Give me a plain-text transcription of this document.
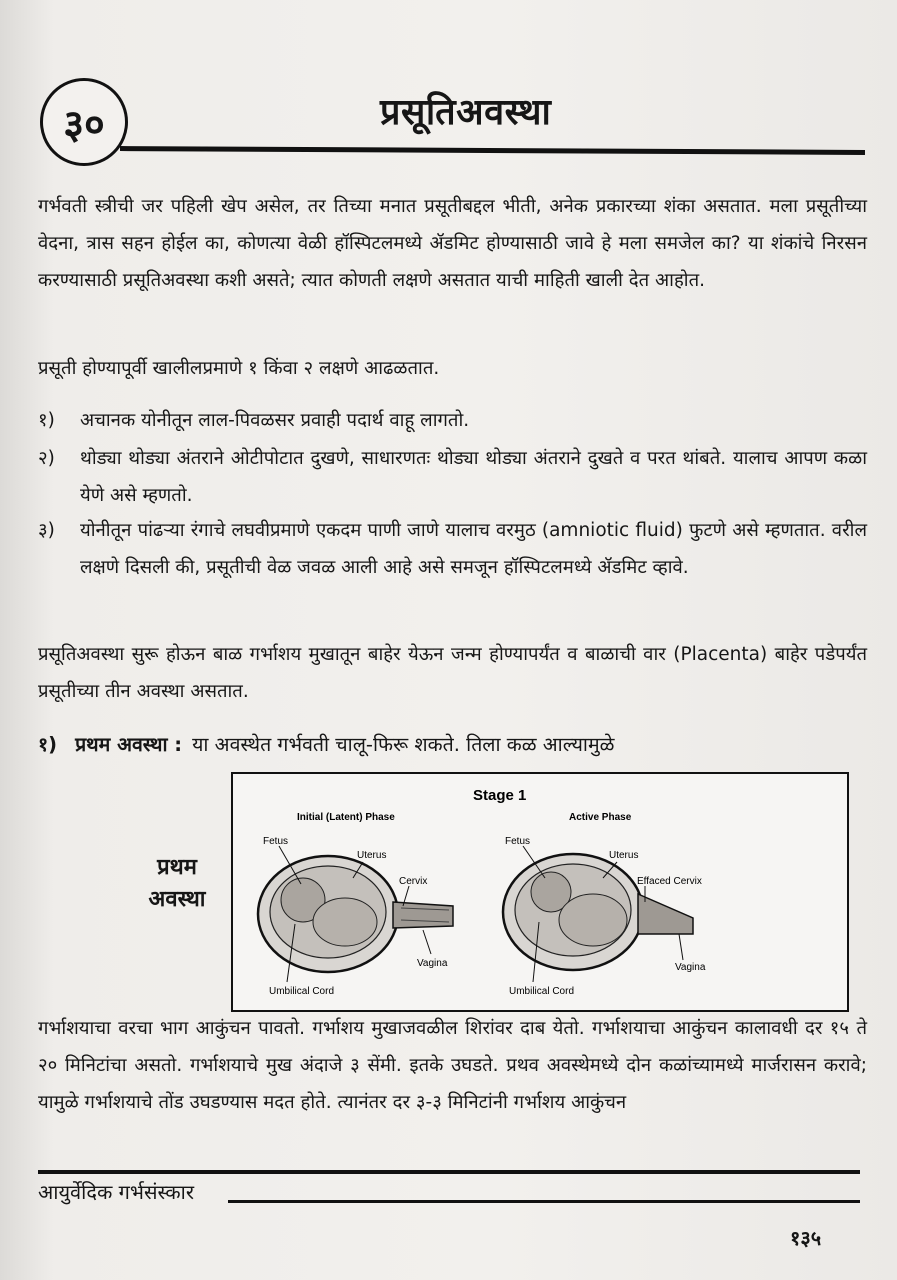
३०	प्रसूतिअवस्था
गर्भवती स्त्रीची जर पहिली खेप असेल, तर तिच्या मनात प्रसूतीबद्दल भीती, अनेक प्रकारच्या शंका असतात. मला प्रसूतीच्या वेदना, त्रास सहन होईल का, कोणत्या वेळी हॉस्पिटलमध्ये ॲडमिट होण्यासाठी जावे हे मला समजेल का? या शंकांचे निरसन करण्यासाठी प्रसूतिअवस्था कशी असते; त्यात कोणती लक्षणे असतात याची माहिती खाली देत आहोत.
प्रसूती होण्यापूर्वी खालीलप्रमाणे १ किंवा २ लक्षणे आढळतात.
१)	अचानक योनीतून लाल-पिवळसर प्रवाही पदार्थ वाहू लागतो.
२)	थोड्या थोड्या अंतराने ओटीपोटात दुखणे, साधारणतः थोड्या थोड्या अंतराने दुखते व परत थांबते. यालाच आपण कळा येणे असे म्हणतो.
३)	योनीतून पांढऱ्या रंगाचे लघवीप्रमाणे एकदम पाणी जाणे यालाच वरमुठ (amniotic fluid) फुटणे असे म्हणतात. वरील लक्षणे दिसली की, प्रसूतीची वेळ जवळ आली आहे असे समजून हॉस्पिटलमध्ये ॲडमिट व्हावे.
प्रसूतिअवस्था सुरू होऊन बाळ गर्भाशय मुखातून बाहेर येऊन जन्म होण्यापर्यंत व बाळाची वार (Placenta) बाहेर पडेपर्यंत प्रसूतीच्या तीन अवस्था असतात.
१) प्रथम अवस्था : या अवस्थेत गर्भवती चालू-फिरू शकते. तिला कळ आल्यामुळे
प्रथम अवस्था
Stage 1
Initial (Latent) Phase	Active Phase
Fetus
Uterus
Cervix
Vagina
Umbilical Cord
Fetus
Uterus
Effaced Cervix
Vagina
Umbilical Cord
गर्भाशयाचा वरचा भाग आकुंचन पावतो. गर्भाशय मुखाजवळील शिरांवर दाब येतो. गर्भाशयाचा आकुंचन कालावधी दर १५ ते २० मिनिटांचा असतो. गर्भाशयाचे मुख अंदाजे ३ सेंमी. इतके उघडते. प्रथव अवस्थेमध्ये दोन कळांच्यामध्ये मार्जरासन करावे; यामुळे गर्भाशयाचे तोंड उघडण्यास मदत होते. त्यानंतर दर ३-३ मिनिटांनी गर्भाशय आकुंचन
आयुर्वेदिक गर्भसंस्कार
१३५
